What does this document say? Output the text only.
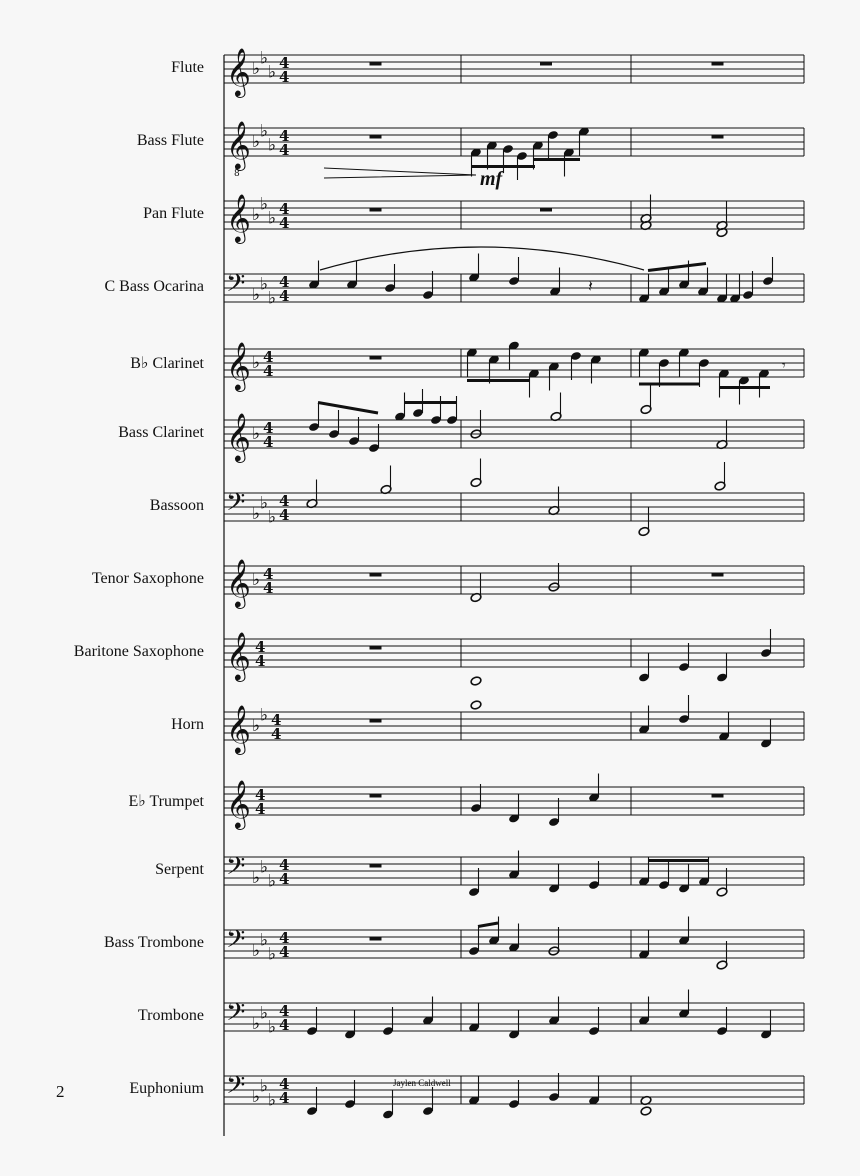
𝄞 ♭
♭
♭ 4
4
𝄞
8
♭
♭
♭ 4
4
𝄞 ♭
♭
♭ 4
4
𝄢 ♭
♭
♭
4
4
𝄞 ♭ 4
4
𝄞 ♭ 4
4
𝄢 ♭
♭
♭
4
4
𝄞 ♭ 4
4
𝄞 4
4
𝄞 ♭
♭ 4
4
𝄞 4
4
𝄢 ♭
♭
♭
4
4
𝄢 ♭
♭
♭
4
4
𝄢 ♭
♭
♭
4
4
𝄢 ♭
♭
♭
4
4
𝄽
𝄾
Flute
Bass Flute
Pan Flute
C Bass Ocarina
B♭ Clarinet
Bass Clarinet
Bassoon
Tenor Saxophone
Baritone Saxophone
Horn
E♭ Trumpet
Serpent
Bass Trombone
Trombone
Euphonium
2	Jaylen Caldwell
mf
